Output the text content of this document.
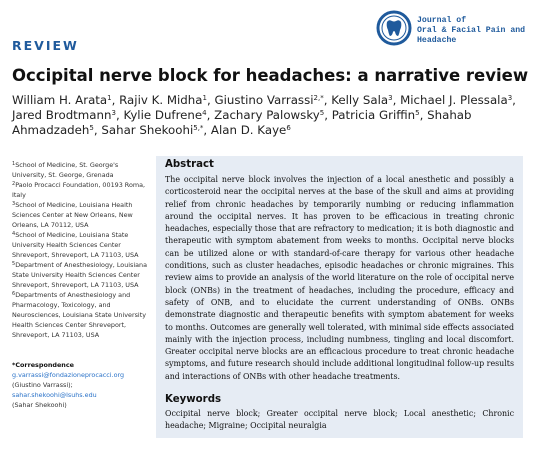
REVIEW
Journal of
Oral & Facial Pain and
Headache
Occipital nerve block for headaches: a narrative review
William H. Arata$^1$, Rajiv K. Midha$^1$, Giustino Varrassi$^{2,*}$, Kelly Sala$^3$, Michael J. Plessala$^3$, Jared Brodtmann$^3$, Kylie Dufrene$^4$, Zachary Palowsky$^5$, Patricia Griffin$^5$, Shahab Ahmadzadeh$^5$, Sahar Shekoohi$^{5,*}$, Alan D. Kaye$^6$

$^1$School of Medicine, St. George's University, St. George, Grenada

$^2$Paolo Procacci Foundation, 00193 Roma, Italy

$^3$School of Medicine, Louisiana Health Sciences Center at New Orleans, New Orleans, LA 70112, USA

$^4$School of Medicine, Louisiana State University Health Sciences Center Shreveport, Shreveport, LA 71103, USA

$^5$Department of Anesthesiology, Louisiana State University Health Sciences Center Shreveport, Shreveport, LA 71103, USA

$^6$Departments of Anesthesiology and Pharmacology, Toxicology, and Neurosciences, Louisiana State University Health Sciences Center Shreveport, Shreveport, LA 71103, USA

*Correspondence
g.varrassi@fondazioneprocacci.org
(Giustino Varrassi);
sahar.shekoohi@lsuhs.edu
(Sahar Shekoohi)
Abstract
The occipital nerve block involves the injection of a local anesthetic and possibly a corticosteroid near the occipital nerves at the base of the skull and aims at providing relief from chronic headaches by temporarily numbing or reducing inflammation around the occipital nerves. It has proven to be efficacious in treating chronic headaches, especially those that are refractory to medication; it is both diagnostic and therapeutic with symptom abatement from weeks to months. Occipital nerve blocks can be utilized alone or with standard-of-care therapy for various other headache conditions, such as cluster headaches, episodic headaches or chronic migraines. This review aims to provide an analysis of the world literature on the role of occipital nerve block (ONBs) in the treatment of headaches, including the procedure, efficacy and safety of ONB, and to elucidate the current understanding of ONBs. ONBs demonstrate diagnostic and therapeutic benefits with symptom abatement for weeks to months. Outcomes are generally well tolerated, with minimal side effects associated mainly with the injection process, including numbness, tingling and local discomfort. Greater occipital nerve blocks are an efficacious procedure to treat chronic headache symptoms, and future research should include additional longitudinal follow-up results and interactions of ONBs with other headache treatments.
Keywords
Occipital nerve block; Greater occipital nerve block; Local anesthetic; Chronic headache; Migraine; Occipital neuralgia
